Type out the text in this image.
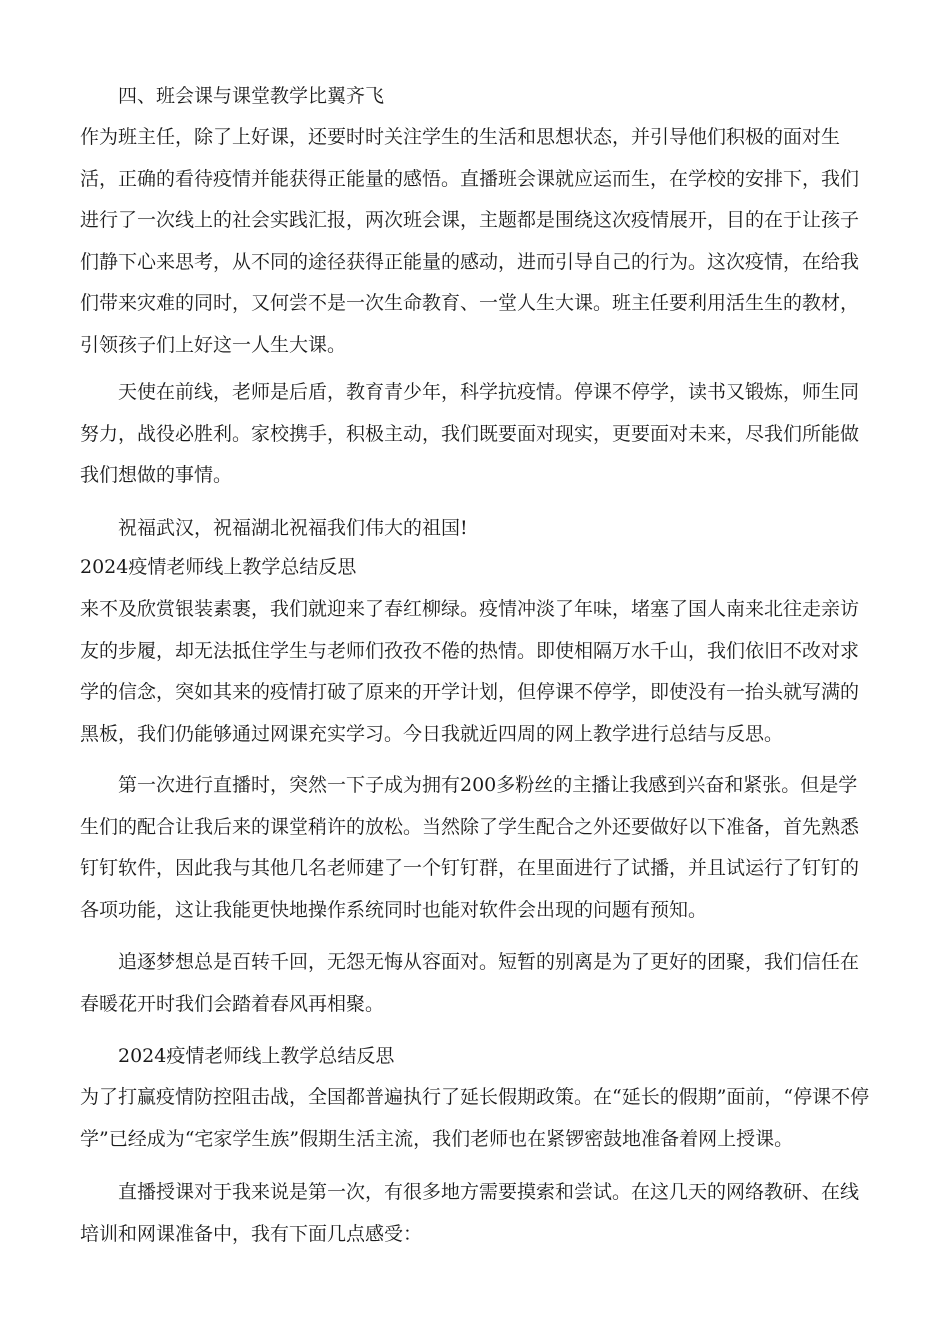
四、班会课与课堂教学比翼齐飞

作为班主任，除了上好课，还要时时关注学生的生活和思想状态，并引导他们积极的面对生活，正确的看待疫情并能获得正能量的感悟。直播班会课就应运而生，在学校的安排下，我们进行了一次线上的社会实践汇报，两次班会课，主题都是围绕这次疫情展开，目的在于让孩子们静下心来思考，从不同的途径获得正能量的感动，进而引导自己的行为。这次疫情，在给我们带来灾难的同时，又何尝不是一次生命教育、一堂人生大课。班主任要利用活生生的教材，引领孩子们上好这一人生大课。

天使在前线，老师是后盾，教育青少年，科学抗疫情。停课不停学，读书又锻炼，师生同努力，战役必胜利。家校携手，积极主动，我们既要面对现实，更要面对未来，尽我们所能做我们想做的事情。

祝福武汉，祝福湖北祝福我们伟大的祖国!

2024疫情老师线上教学总结反思

来不及欣赏银装素裹，我们就迎来了春红柳绿。疫情冲淡了年味，堵塞了国人南来北往走亲访友的步履，却无法抵住学生与老师们孜孜不倦的热情。即使相隔万水千山，我们依旧不改对求学的信念，突如其来的疫情打破了原来的开学计划，但停课不停学，即使没有一抬头就写满的黑板，我们仍能够通过网课充实学习。今日我就近四周的网上教学进行总结与反思。

第一次进行直播时，突然一下子成为拥有200多粉丝的主播让我感到兴奋和紧张。但是学生们的配合让我后来的课堂稍许的放松。当然除了学生配合之外还要做好以下准备，首先熟悉钉钉软件，因此我与其他几名老师建了一个钉钉群，在里面进行了试播，并且试运行了钉钉的各项功能，这让我能更快地操作系统同时也能对软件会出现的问题有预知。

追逐梦想总是百转千回，无怨无悔从容面对。短暂的别离是为了更好的团聚，我们信任在春暖花开时我们会踏着春风再相聚。

2024疫情老师线上教学总结反思

为了打赢疫情防控阻击战，全国都普遍执行了延长假期政策。在“延长的假期”面前，“停课不停学”已经成为“宅家学生族”假期生活主流，我们老师也在紧锣密鼓地准备着网上授课。

直播授课对于我来说是第一次，有很多地方需要摸索和尝试。在这几天的网络教研、在线培训和网课准备中，我有下面几点感受：
